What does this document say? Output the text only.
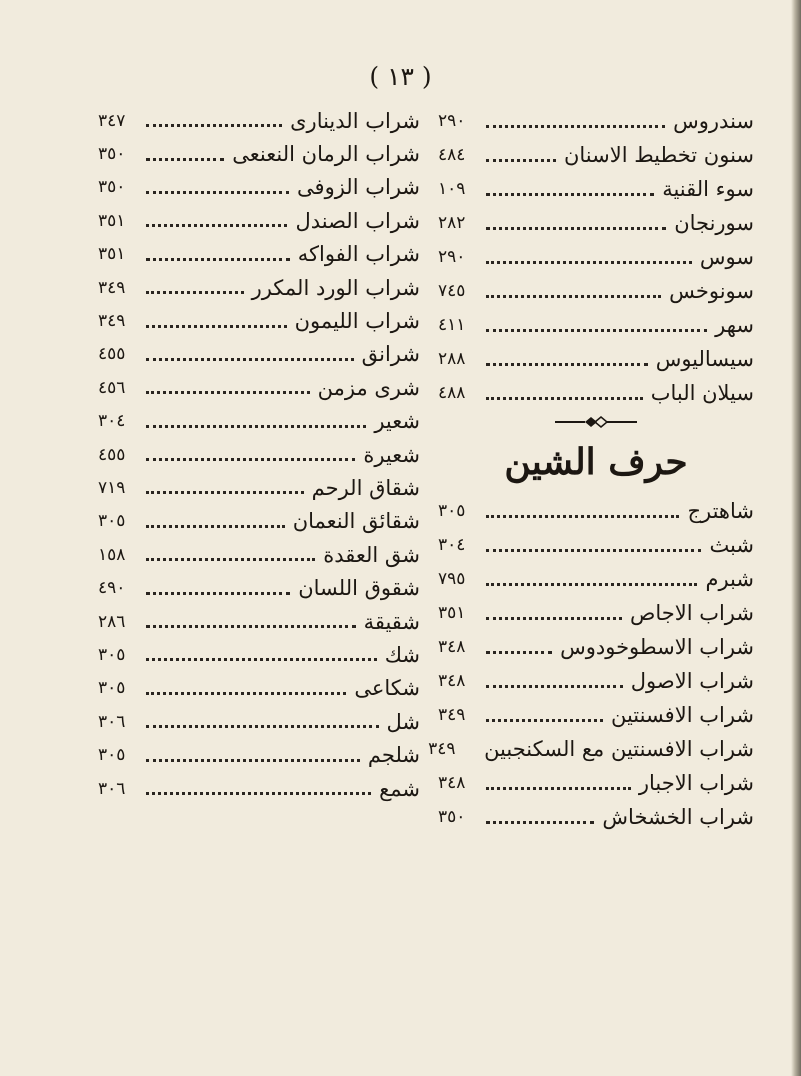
( ١٣ )
سندروس
٢٩٠
سنون تخطيط الاسنان
٤٨٤
سوء القنية
١٠٩
سورنجان
٢٨٢
سوس
٢٩٠
سونوخس
٧٤٥
سهر
٤١١
سيساليوس
٢٨٨
سيلان الباب
٤٨٨
حرف الشين
شاهترج
٣٠٥
شبث
٣٠٤
شبرم
٧٩٥
شراب الاجاص
٣٥١
شراب الاسطوخودوس
٣٤٨
شراب الاصول
٣٤٨
شراب الافسنتين
٣٤٩
شراب الافسنتين مع السكنجبين
٣٤٩
شراب الاجبار
٣٤٨
شراب الخشخاش
٣٥٠
شراب الدينارى
٣٤٧
شراب الرمان النعنعى
٣٥٠
شراب الزوفى
٣٥٠
شراب الصندل
٣٥١
شراب الفواكه
٣٥١
شراب الورد المكرر
٣٤٩
شراب الليمون
٣٤٩
شرانق
٤٥٥
شرى مزمن
٤٥٦
شعير
٣٠٤
شعيرة
٤٥٥
شقاق الرحم
٧١٩
شقائق النعمان
٣٠٥
شق العقدة
١٥٨
شقوق اللسان
٤٩٠
شقيقة
٢٨٦
شك
٣٠٥
شكاعى
٣٠٥
شل
٣٠٦
شلجم
٣٠٥
شمع
٣٠٦
